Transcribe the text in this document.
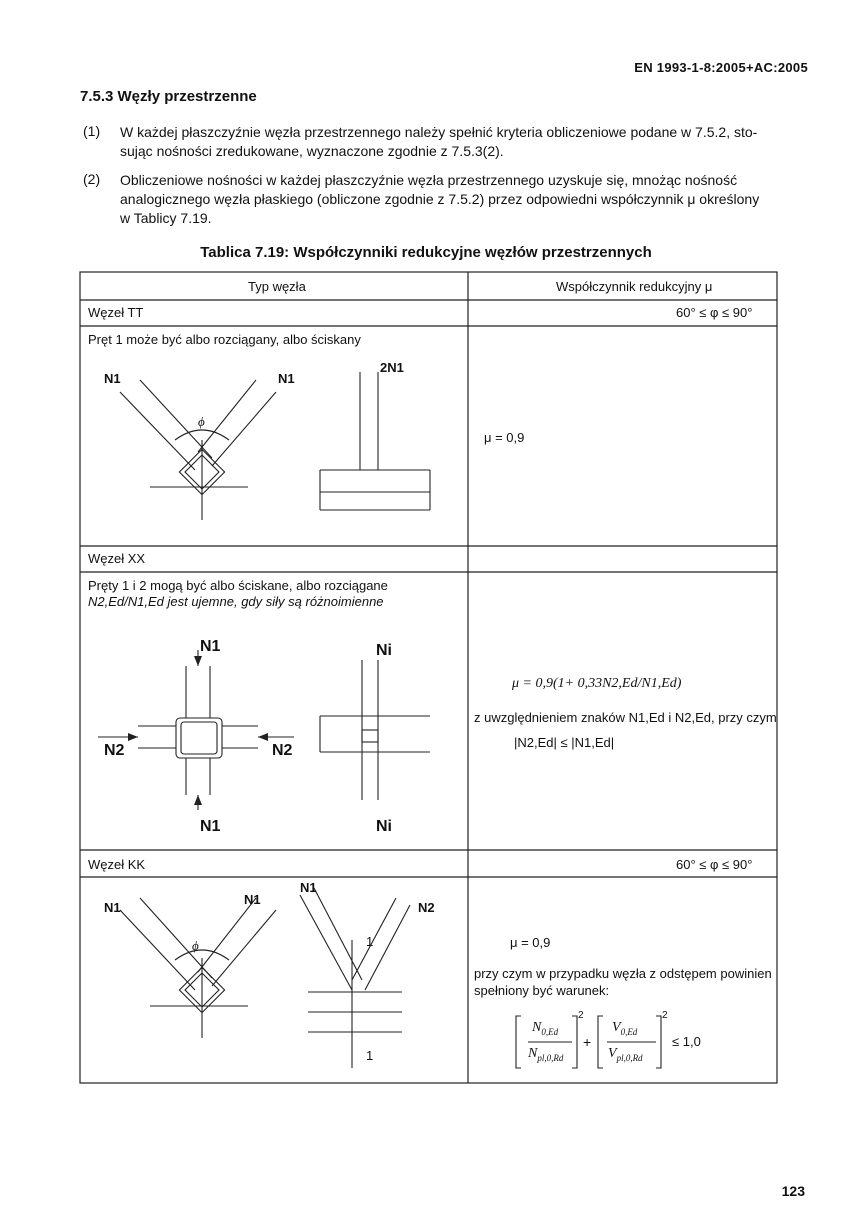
EN 1993-1-8:2005+AC:2005
7.5.3 Węzły przestrzenne
(1) W każdej płaszczyźnie węzła przestrzennego należy spełnić kryteria obliczeniowe podane w 7.5.2, sto-
sując nośności zredukowane, wyznaczone zgodnie z 7.5.3(2).
(2) Obliczeniowe nośności w każdej płaszczyźnie węzła przestrzennego uzyskuje się, mnożąc nośność
analogicznego węzła płaskiego (obliczone zgodnie z 7.5.2) przez odpowiedni współczynnik μ określony
w Tablicy 7.19.
Tablica 7.19: Współczynniki redukcyjne węzłów przestrzennych
Typ węzła	Współczynnik redukcyjny μ
Węzeł TT	60° ≤ φ ≤ 90°
Pręt 1 może być albo rozciągany, albo ściskany
N1	N1
2N1
ϕ
μ = 0,9
Węzeł XX
Pręty 1 i 2 mogą być albo ściskane, albo rozciągane
N2,Ed/N1,Ed jest ujemne, gdy siły są różnoimienne
N1
N1
N2	N2
Ni
Ni
μ = 0,9(1+ 0,33N2,Ed/N1,Ed)
z uwzględnieniem znaków N1,Ed i N2,Ed, przy czym
|N2,Ed| ≤ |N1,Ed|
Węzeł KK	60° ≤ φ ≤ 90°
N1
N1
N1
N2
ϕ	1
1
μ = 0,9
przy czym w przypadku węzła z odstępem powinien
spełniony być warunek:
$N_{0,Ed}$
$N_{pl,0,Rd}$
2
+
$V_{0,Ed}$
$V_{pl,0,Rd}$
2
≤ 1,0
123
